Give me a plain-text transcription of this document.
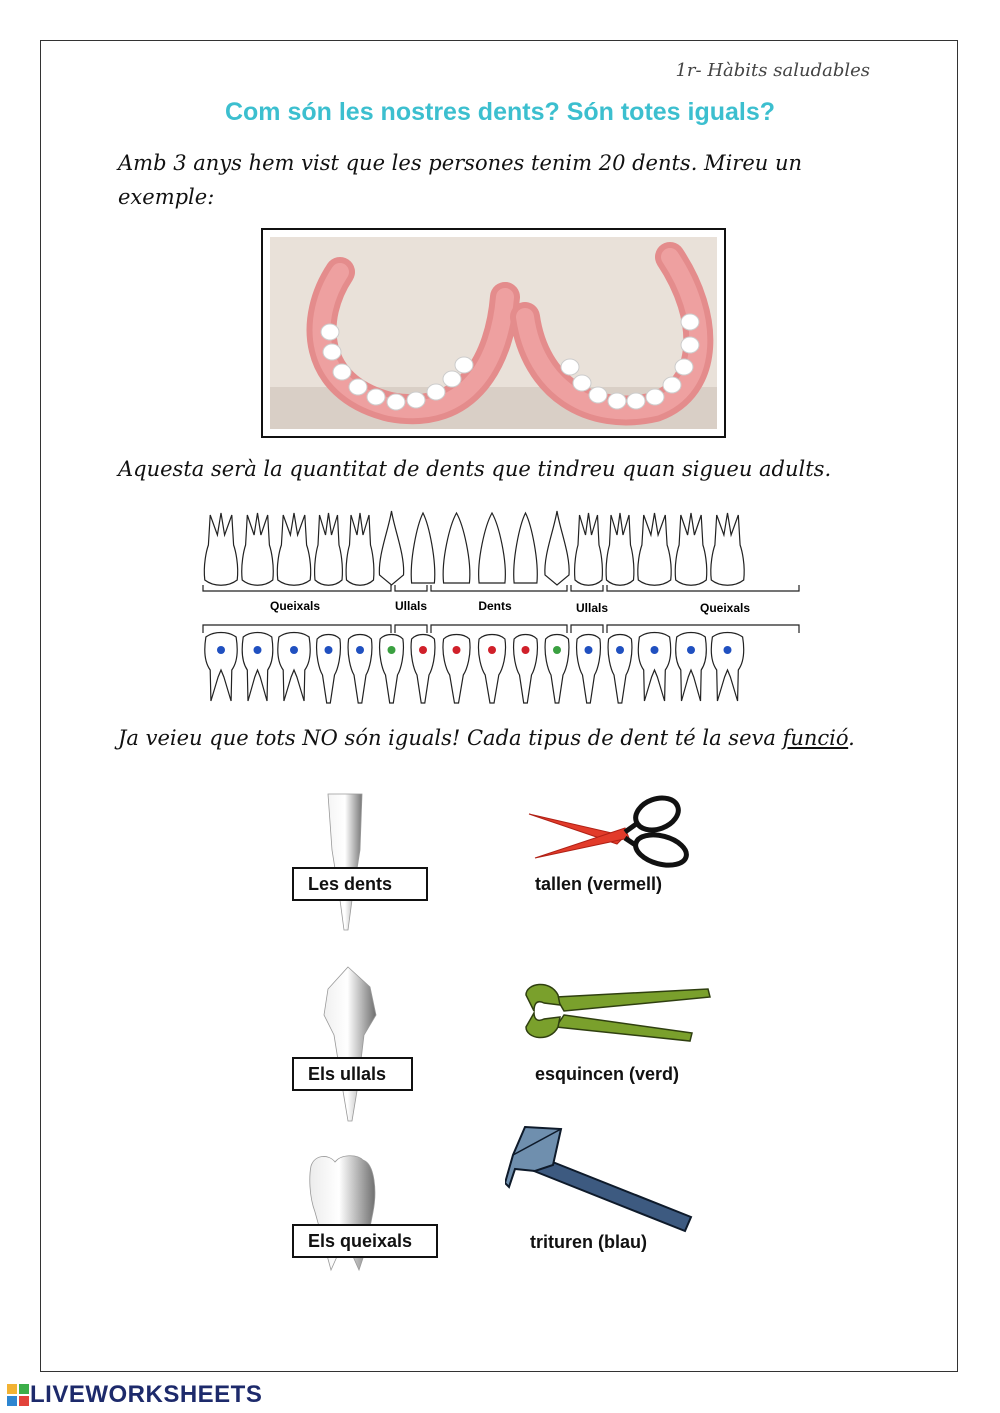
1r- Hàbits saludables
Com són les nostres dents? Són totes iguals?
Amb 3 anys hem vist que les persones tenim 20 dents. Mireu un exemple:
Aquesta serà la quantitat de dents que tindreu quan sigueu adults.
Queixals	Ullals	Dents	Ullals	Queixals
Ja veieu que tots NO són iguals! Cada tipus de dent té la seva funció.
Les dents	tallen (vermell)
Els ullals	esquincen (verd)
Els queixals	trituren (blau)
LIVEWORKSHEETS
